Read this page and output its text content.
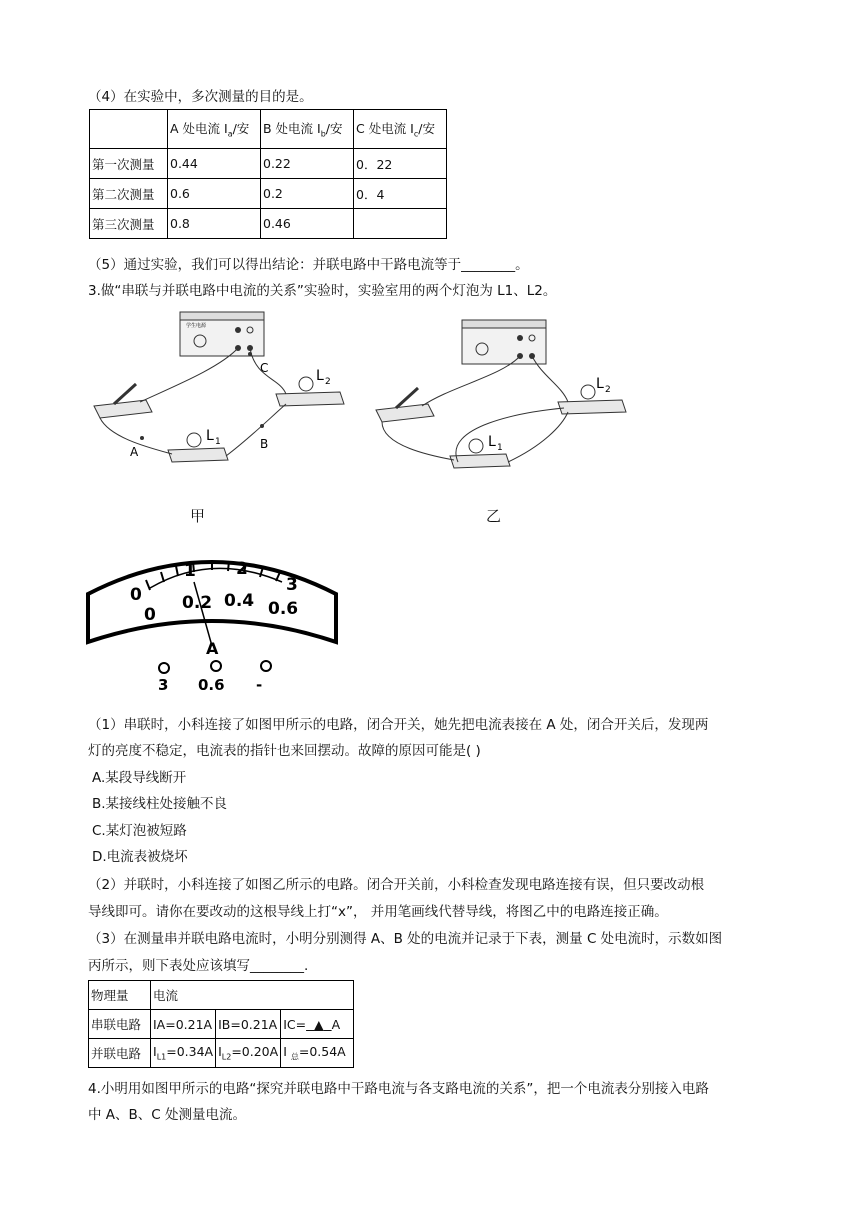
（4）在实验中，多次测量的目的是。
	A 处电流 $I_a/$安	B 处电流 $I_b/$安	C 处电流 $I_c/$安
第一次测量	0.44	0.22	0．22
第二次测量	0.6	0.2	0．4
第三次测量	0.8	0.46	
（5）通过实验，我们可以得出结论：并联电路中干路电流等于________。
3.做“串联与并联电路中电流的关系”实验时，实验室用的两个灯泡为 L1、L2。
学生电源
L 2
L 1
A
B
C
甲
L 2
L 1
乙
0
1 2
3
0
0.2 0.4 0.6
A
3 0.6 -
（1）串联时，小科连接了如图甲所示的电路，闭合开关，她先把电流表接在 A 处，闭合开关后，发现两
灯的亮度不稳定，电流表的指针也来回摆动。故障的原因可能是( )
A.某段导线断开
B.某接线柱处接触不良
C.某灯泡被短路
D.电流表被烧坏
（2）并联时，小科连接了如图乙所示的电路。闭合开关前，小科检查发现电路连接有误，但只要改动根
导线即可。请你在要改动的这根导线上打“x”， 并用笔画线代替导线，将图乙中的电路连接正确。
（3）在测量串并联电路电流时，小明分别测得 A、B 处的电流并记录于下表，测量 C 处电流时，示数如图
丙所示，则下表处应该填写________.
物理量	电流		
串联电路	IA=0.21A	IB=0.21A	IC= ▲ A
并联电路	$I_{L1}=0.34A$	$I_{L2}=0.20A$	I $_总$=0.54A
4.小明用如图甲所示的电路“探究并联电路中干路电流与各支路电流的关系”，把一个电流表分别接入电路
中 A、B、C 处测量电流。
